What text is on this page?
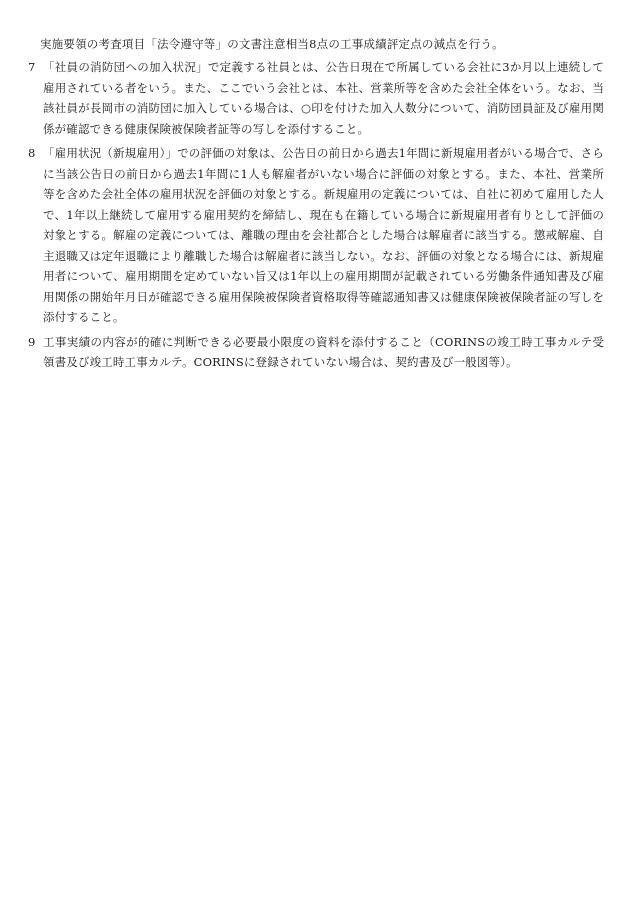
実施要領の考査項目「法令遵守等」の文書注意相当8点の工事成績評定点の減点を行う。

7 「社員の消防団への加入状況」で定義する社員とは、公告日現在で所属している会社に3か月以上連続して雇用されている者をいう。また、ここでいう会社とは、本社、営業所等を含めた会社全体をいう。なお、当該社員が長岡市の消防団に加入している場合は、○印を付けた加入人数分について、消防団員証及び雇用関係が確認できる健康保険被保険者証等の写しを添付すること。
8 「雇用状況（新規雇用）」での評価の対象は、公告日の前日から過去1年間に新規雇用者がいる場合で、さらに当該公告日の前日から過去1年間に1人も解雇者がいない場合に評価の対象とする。また、本社、営業所等を含めた会社全体の雇用状況を評価の対象とする。新規雇用の定義については、自社に初めて雇用した人で、1年以上継続して雇用する雇用契約を締結し、現在も在籍している場合に新規雇用者有りとして評価の対象とする。解雇の定義については、離職の理由を会社都合とした場合は解雇者に該当する。懲戒解雇、自主退職又は定年退職により離職した場合は解雇者に該当しない。なお、評価の対象となる場合には、新規雇用者について、雇用期間を定めていない旨又は1年以上の雇用期間が記載されている労働条件通知書及び雇用関係の開始年月日が確認できる雇用保険被保険者資格取得等確認通知書又は健康保険被保険者証の写しを添付すること。
9 工事実績の内容が的確に判断できる必要最小限度の資料を添付すること（CORINSの竣工時工事カルテ受領書及び竣工時工事カルテ。CORINSに登録されていない場合は、契約書及び一般図等）。
